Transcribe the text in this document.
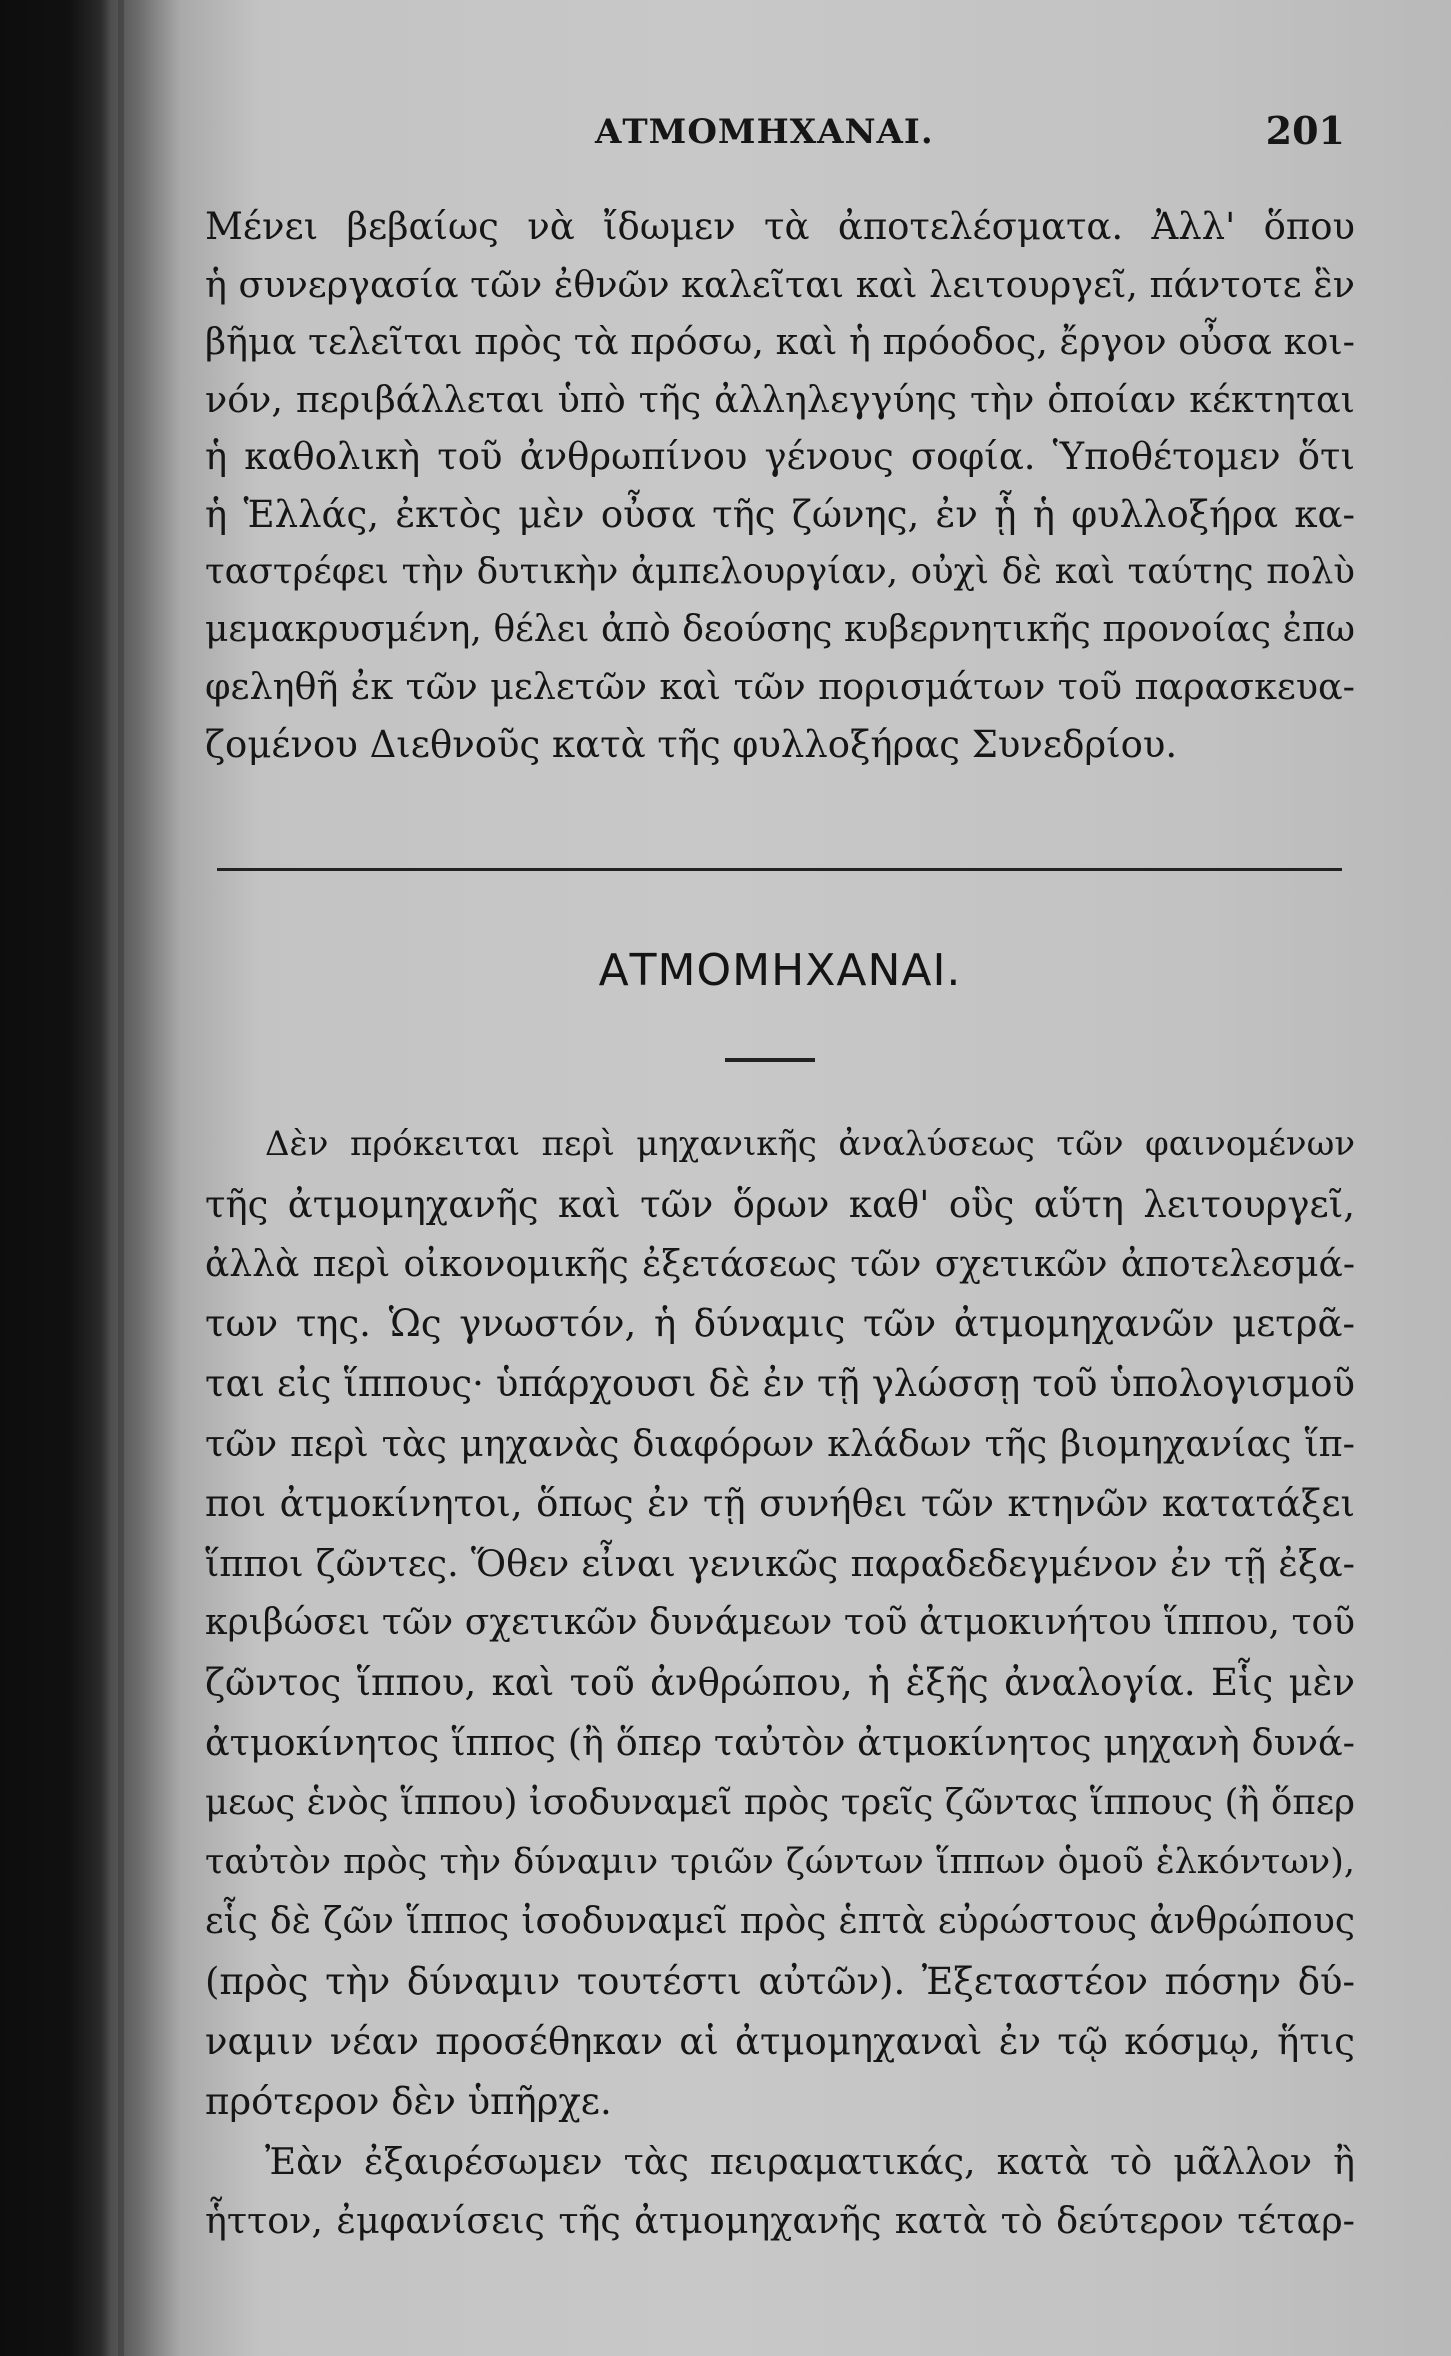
ΑΤΜΟΜΗΧΑΝΑΙ.	201
Μένει βεβαίως νὰ ἴδωμεν τὰ ἀποτελέσματα. Ἀλλ' ὅπου
ἡ συνεργασία τῶν ἐθνῶν καλεῖται καὶ λειτουργεῖ, πάντοτε ἓν
βῆμα τελεῖται πρὸς τὰ πρόσω, καὶ ἡ πρόοδος, ἔργον οὖσα κοι-
νόν, περιβάλλεται ὑπὸ τῆς ἀλληλεγγύης τὴν ὁποίαν κέκτηται
ἡ καθολικὴ τοῦ ἀνθρωπίνου γένους σοφία. Ὑποθέτομεν ὅτι
ἡ Ἑλλάς, ἐκτὸς μὲν οὖσα τῆς ζώνης, ἐν ᾗ ἡ φυλλοξήρα κα-
ταστρέφει τὴν δυτικὴν ἀμπελουργίαν, οὐχὶ δὲ καὶ ταύτης πολὺ
μεμακρυσμένη, θέλει ἀπὸ δεούσης κυβερνητικῆς προνοίας ἐπω
φεληθῆ ἐκ τῶν μελετῶν καὶ τῶν πορισμάτων τοῦ παρασκευα-
ζομένου Διεθνοῦς κατὰ τῆς φυλλοξήρας Συνεδρίου.
ΑΤΜΟΜΗΧΑΝΑΙ.
Δὲν πρόκειται περὶ μηχανικῆς ἀναλύσεως τῶν φαινομένων
τῆς ἀτμομηχανῆς καὶ τῶν ὅρων καθ' οὓς αὕτη λειτουργεῖ,
ἀλλὰ περὶ οἰκονομικῆς ἐξετάσεως τῶν σχετικῶν ἀποτελεσμά-
των της. Ὡς γνωστόν, ἡ δύναμις τῶν ἀτμομηχανῶν μετρᾶ-
ται εἰς ἵππους· ὑπάρχουσι δὲ ἐν τῇ γλώσσῃ τοῦ ὑπολογισμοῦ
τῶν περὶ τὰς μηχανὰς διαφόρων κλάδων τῆς βιομηχανίας ἵπ-
ποι ἀτμοκίνητοι, ὅπως ἐν τῇ συνήθει τῶν κτηνῶν κατατάξει
ἵπποι ζῶντες. Ὅθεν εἶναι γενικῶς παραδεδεγμένον ἐν τῇ ἐξα-
κριβώσει τῶν σχετικῶν δυνάμεων τοῦ ἀτμοκινήτου ἵππου, τοῦ
ζῶντος ἵππου, καὶ τοῦ ἀνθρώπου, ἡ ἑξῆς ἀναλογία. Εἷς μὲν
ἀτμοκίνητος ἵππος (ἢ ὅπερ ταὐτὸν ἀτμοκίνητος μηχανὴ δυνά-
μεως ἑνὸς ἵππου) ἰσοδυναμεῖ πρὸς τρεῖς ζῶντας ἵππους (ἢ ὅπερ
ταὐτὸν πρὸς τὴν δύναμιν τριῶν ζώντων ἵππων ὁμοῦ ἑλκόντων),
εἷς δὲ ζῶν ἵππος ἰσοδυναμεῖ πρὸς ἑπτὰ εὐρώστους ἀνθρώπους
(πρὸς τὴν δύναμιν τουτέστι αὐτῶν). Ἐξεταστέον πόσην δύ-
ναμιν νέαν προσέθηκαν αἱ ἀτμομηχαναὶ ἐν τῷ κόσμῳ, ἥτις
πρότερον δὲν ὑπῆρχε.
Ἐὰν ἐξαιρέσωμεν τὰς πειραματικάς, κατὰ τὸ μᾶλλον ἢ
ἧττον, ἐμφανίσεις τῆς ἀτμομηχανῆς κατὰ τὸ δεύτερον τέταρ-
